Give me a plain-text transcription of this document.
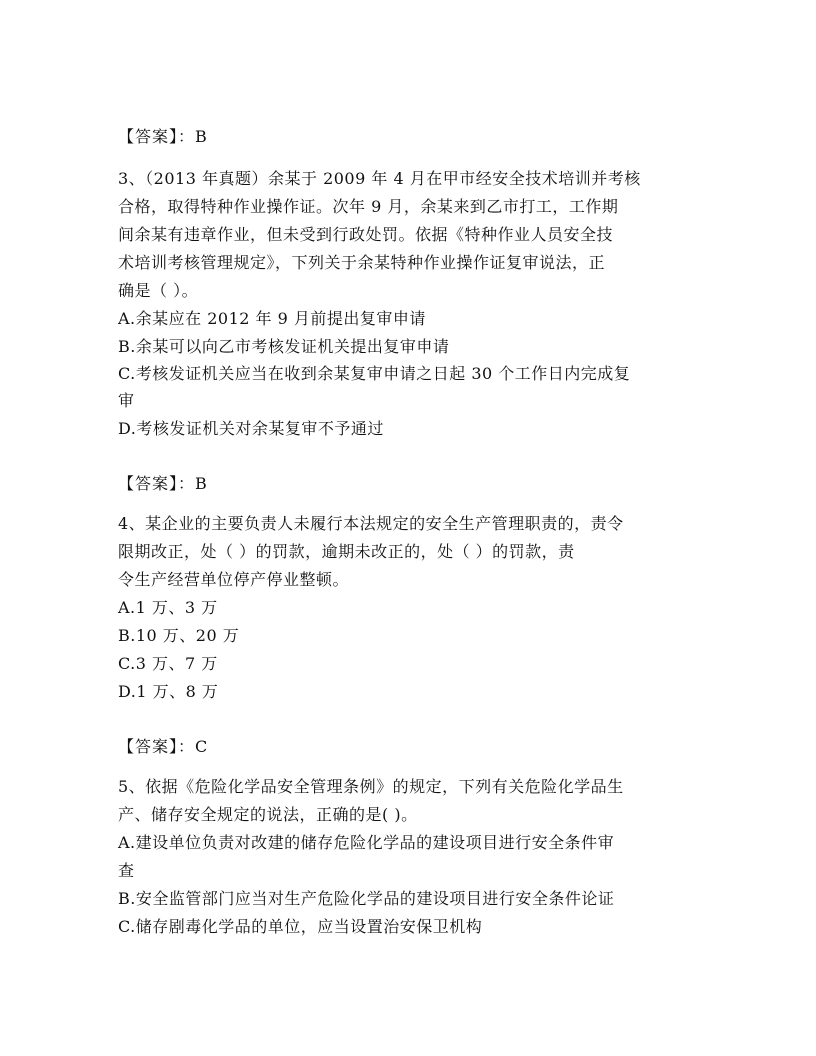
【答案】：B
3、（2013 年真题）余某于 2009 年 4 月在甲市经安全技术培训并考核
合格，取得特种作业操作证。次年 9 月，余某来到乙市打工，工作期
间余某有违章作业，但未受到行政处罚。依据《特种作业人员安全技
术培训考核管理规定》，下列关于余某特种作业操作证复审说法，正
确是（ ）。
A.余某应在 2012 年 9 月前提出复审申请
B.余某可以向乙市考核发证机关提出复审申请
C.考核发证机关应当在收到余某复审申请之日起 30 个工作日内完成复
审
D.考核发证机关对余某复审不予通过
【答案】：B
4、某企业的主要负责人未履行本法规定的安全生产管理职责的，责令
限期改正，处（ ）的罚款，逾期未改正的，处（ ）的罚款，责
令生产经营单位停产停业整顿。
A.1 万、3 万
B.10 万、20 万
C.3 万、7 万
D.1 万、8 万
【答案】：C
5、依据《危险化学品安全管理条例》的规定，下列有关危险化学品生
产、储存安全规定的说法，正确的是( )。
A.建设单位负责对改建的储存危险化学品的建设项目进行安全条件审
查
B.安全监管部门应当对生产危险化学品的建设项目进行安全条件论证
C.储存剧毒化学品的单位，应当设置治安保卫机构
